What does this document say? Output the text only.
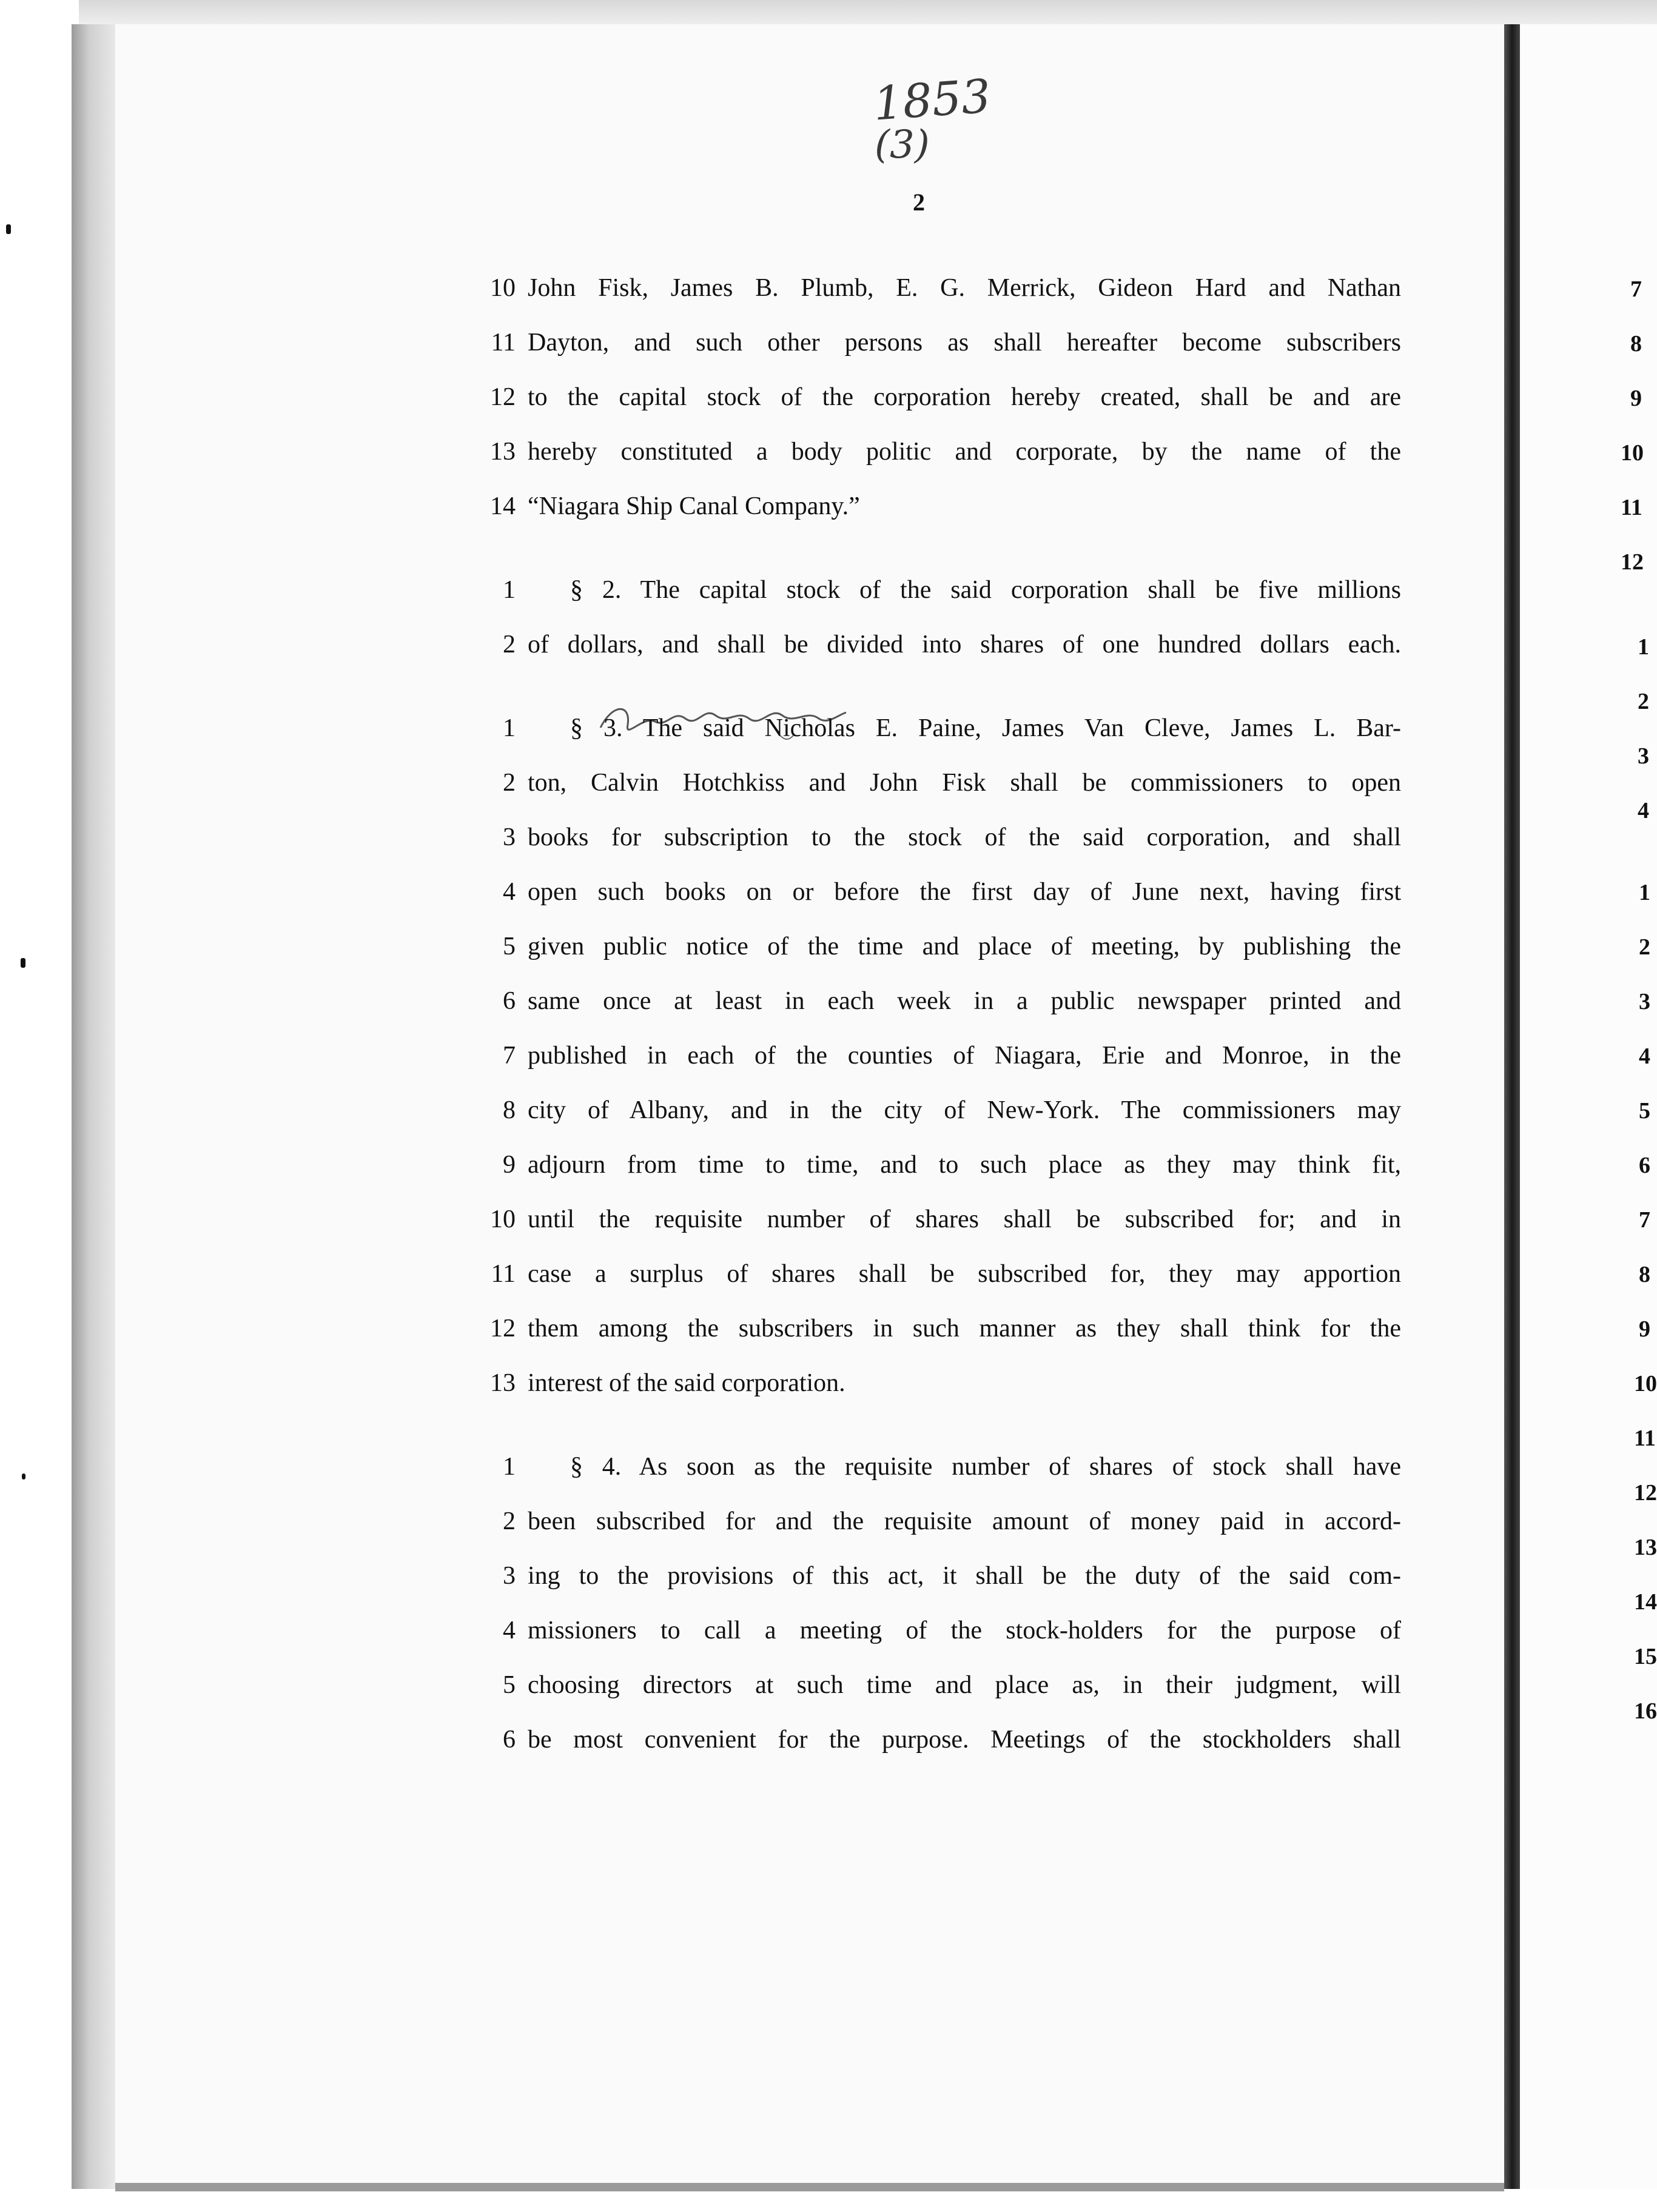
1853
(3)
2
10 John Fisk, James B. Plumb, E. G. Merrick, Gideon Hard and Nathan
11 Dayton, and such other persons as shall hereafter become subscribers
12 to the capital stock of the corporation hereby created, shall be and are
13 hereby constituted a body politic and corporate, by the name of the
14 “Niagara Ship Canal Company.”
1 § 2. The capital stock of the said corporation shall be five millions
2 of dollars, and shall be divided into shares of one hundred dollars each.
1 § 3. The said Nicholas E. Paine, James Van Cleve, James L. Bar-
2 ton, Calvin Hotchkiss and John Fisk shall be commissioners to open
3 books for subscription to the stock of the said corporation, and shall
4 open such books on or before the first day of June next, having first
5 given public notice of the time and place of meeting, by publishing the
6 same once at least in each week in a public newspaper printed and
7 published in each of the counties of Niagara, Erie and Monroe, in the
8 city of Albany, and in the city of New-York. The commissioners may
9 adjourn from time to time, and to such place as they may think fit,
10 until the requisite number of shares shall be subscribed for; and in
11 case a surplus of shares shall be subscribed for, they may apportion
12 them among the subscribers in such manner as they shall think for the
13 interest of the said corporation.
1 § 4. As soon as the requisite number of shares of stock shall have
2 been subscribed for and the requisite amount of money paid in accord-
3 ing to the provisions of this act, it shall be the duty of the said com-
4 missioners to call a meeting of the stock-holders for the purpose of
5 choosing directors at such time and place as, in their judgment, will
6 be most convenient for the purpose. Meetings of the stockholders shall
7
8
9
10
11
12
1
2
3
4
1
2
3
4
5
6
7
8
9
10
11
12
13
14
15
16
